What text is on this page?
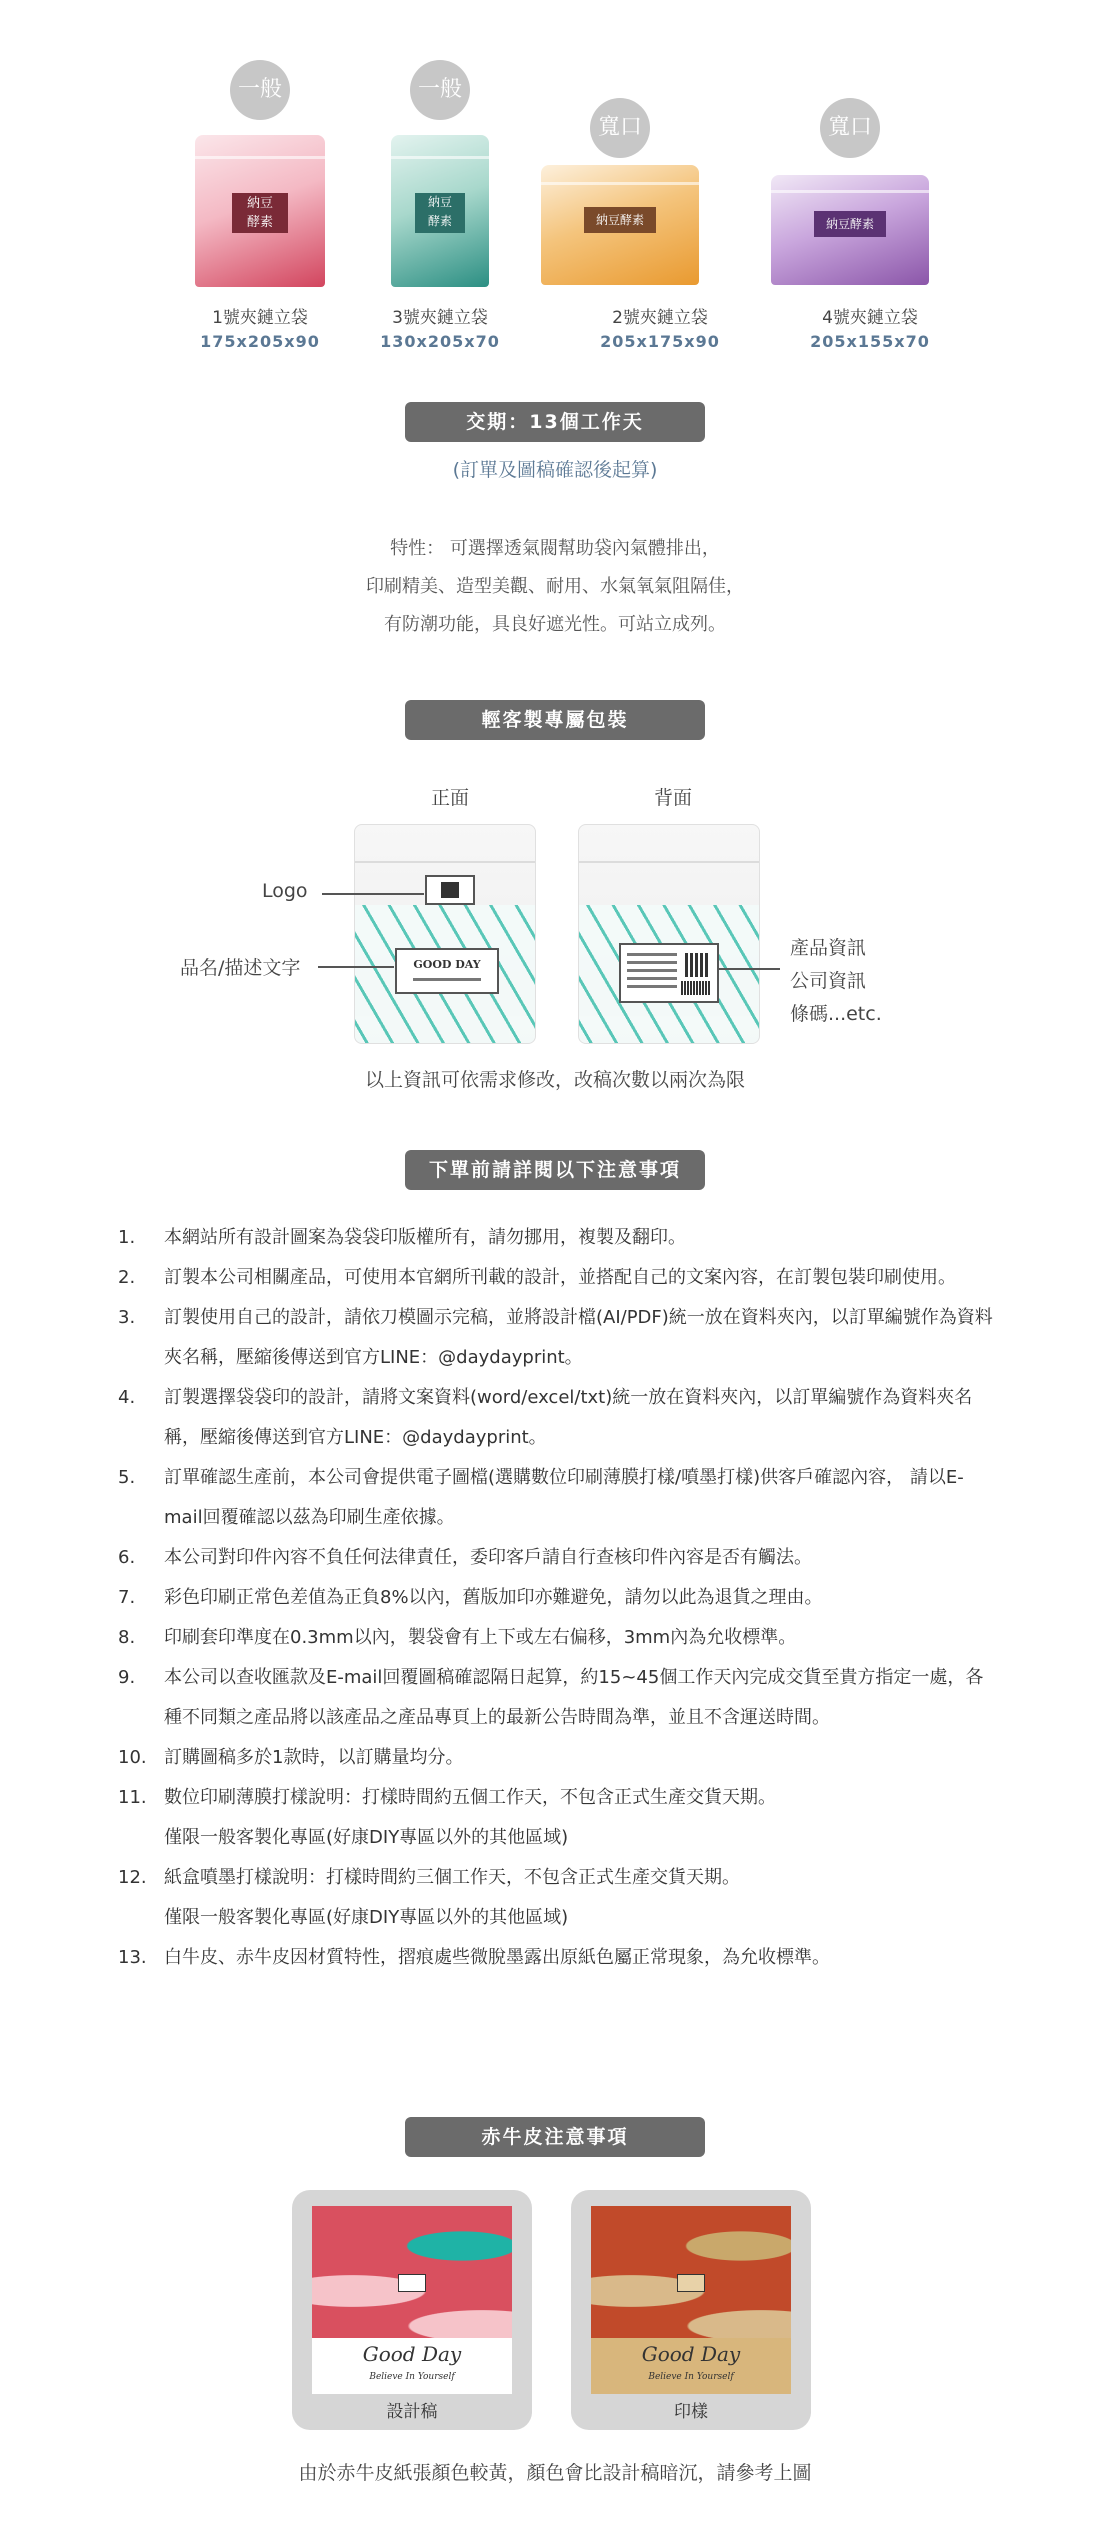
一般
納豆
酵素
1號夾鏈立袋
175x205x90
一般
納豆
酵素
3號夾鏈立袋
130x205x70
寬口
納豆酵素
2號夾鏈立袋
205x175x90
寬口
納豆酵素
4號夾鏈立袋
205x155x70
交期：13個工作天
(訂單及圖稿確認後起算)
特性： 可選擇透氣閥幫助袋內氣體排出，
印刷精美、造型美觀、耐用、水氣氧氣阻隔佳，
有防潮功能，具良好遮光性。可站立成列。
輕客製專屬包裝
正面	背面
GOOD DAY
Logo
品名/描述文字
產品資訊
公司資訊
條碼...etc.
以上資訊可依需求修改，改稿次數以兩次為限
下單前請詳閱以下注意事項
1.	本網站所有設計圖案為袋袋印版權所有，請勿挪用，複製及翻印。
2.	訂製本公司相關產品，可使用本官網所刊載的設計，並搭配自己的文案內容，在訂製包裝印刷使用。
3.	訂製使用自己的設計，請依刀模圖示完稿，並將設計檔(AI/PDF)統一放在資料夾內，以訂單編號作為資料夾名稱，壓縮後傳送到官方LINE：@daydayprint。
4.	訂製選擇袋袋印的設計，請將文案資料(word/excel/txt)統一放在資料夾內，以訂單編號作為資料夾名稱，壓縮後傳送到官方LINE：@daydayprint。
5.	訂單確認生產前，本公司會提供電子圖檔(選購數位印刷薄膜打樣/噴墨打樣)供客戶確認內容， 請以E-mail回覆確認以茲為印刷生產依據。
6.	本公司對印件內容不負任何法律責任，委印客戶請自行查核印件內容是否有觸法。
7.	彩色印刷正常色差值為正負8%以內，舊版加印亦難避免，請勿以此為退貨之理由。
8.	印刷套印準度在0.3mm以內，製袋會有上下或左右偏移，3mm內為允收標準。
9.	本公司以查收匯款及E-mail回覆圖稿確認隔日起算，約15~45個工作天內完成交貨至貴方指定一處，各種不同類之產品將以該產品之產品專頁上的最新公告時間為準，並且不含運送時間。
10. 訂購圖稿多於1款時，以訂購量均分。
11. 數位印刷薄膜打樣說明：打樣時間約五個工作天，不包含正式生產交貨天期。
僅限一般客製化專區(好康DIY專區以外的其他區域)
12. 紙盒噴墨打樣說明：打樣時間約三個工作天，不包含正式生產交貨天期。
僅限一般客製化專區(好康DIY專區以外的其他區域)
13. 白牛皮、赤牛皮因材質特性，摺痕處些微脫墨露出原紙色屬正常現象，為允收標準。
赤牛皮注意事項
Good Day
Believe In Yourself
設計稿
Good Day
Believe In Yourself
印樣
由於赤牛皮紙張顏色較黃，顏色會比設計稿暗沉，請參考上圖
